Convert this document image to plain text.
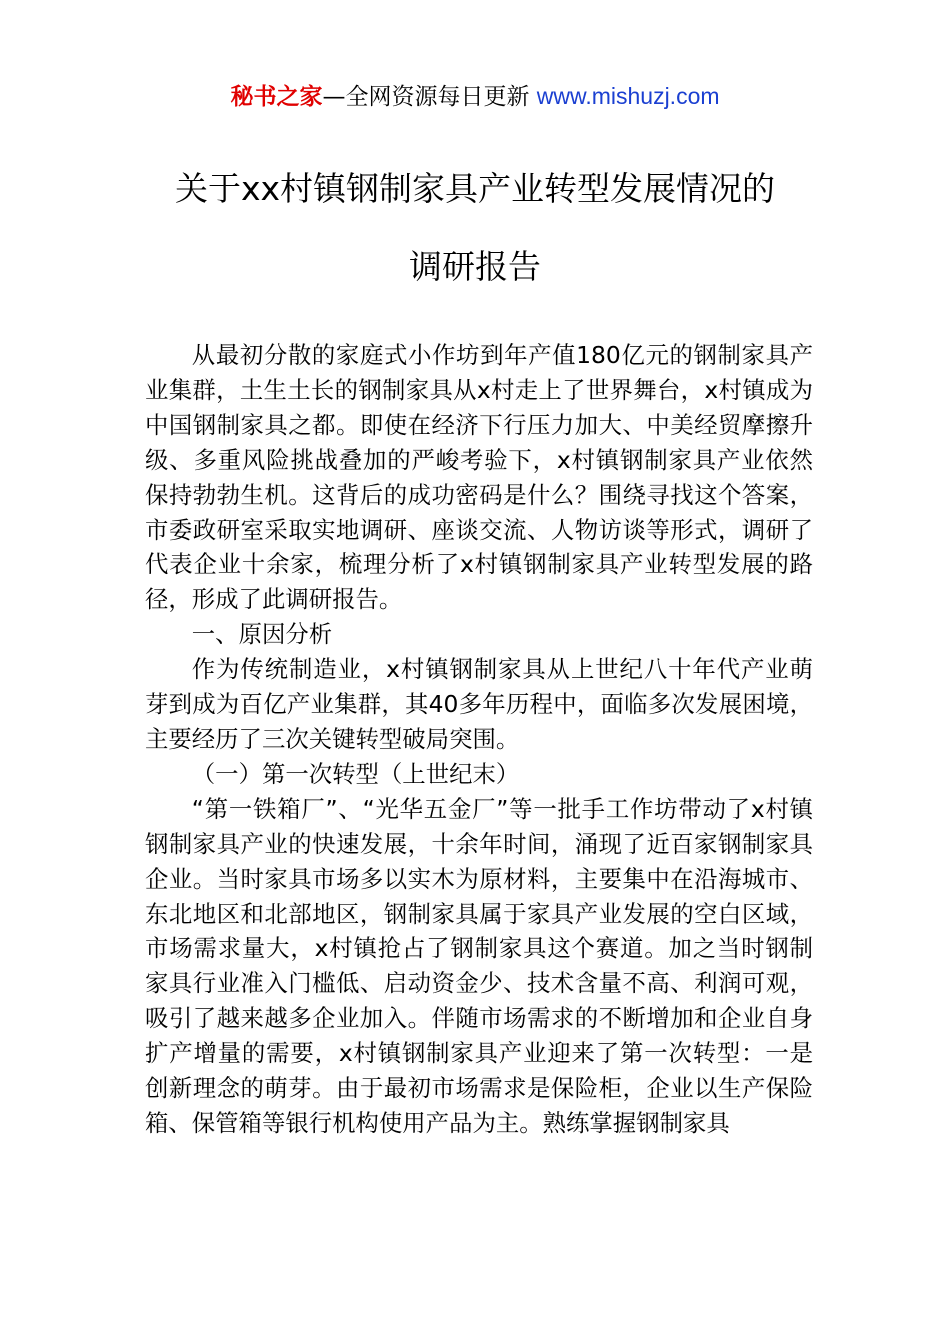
秘书之家—全网资源每日更新 www.mishuzj.com
关于xx村镇钢制家具产业转型发展情况的
调研报告

从最初分散的家庭式小作坊到年产值180亿元的钢制家具产业集群，土生土长的钢制家具从x村走上了世界舞台，x村镇成为中国钢制家具之都。即使在经济下行压力加大、中美经贸摩擦升级、多重风险挑战叠加的严峻考验下，x村镇钢制家具产业依然保持勃勃生机。这背后的成功密码是什么？围绕寻找这个答案，市委政研室采取实地调研、座谈交流、人物访谈等形式，调研了代表企业十余家，梳理分析了x村镇钢制家具产业转型发展的路径，形成了此调研报告。

一、原因分析

作为传统制造业，x村镇钢制家具从上世纪八十年代产业萌芽到成为百亿产业集群，其40多年历程中，面临多次发展困境，主要经历了三次关键转型破局突围。

（一）第一次转型（上世纪末）

“第一铁箱厂”、“光华五金厂”等一批手工作坊带动了x村镇钢制家具产业的快速发展，十余年时间，涌现了近百家钢制家具企业。当时家具市场多以实木为原材料，主要集中在沿海城市、东北地区和北部地区，钢制家具属于家具产业发展的空白区域，市场需求量大，x村镇抢占了钢制家具这个赛道。加之当时钢制家具行业准入门槛低、启动资金少、技术含量不高、利润可观，吸引了越来越多企业加入。伴随市场需求的不断增加和企业自身扩产增量的需要，x村镇钢制家具产业迎来了第一次转型：一是创新理念的萌芽。由于最初市场需求是保险柜，企业以生产保险箱、保管箱等银行机构使用产品为主。熟练掌握钢制家具
